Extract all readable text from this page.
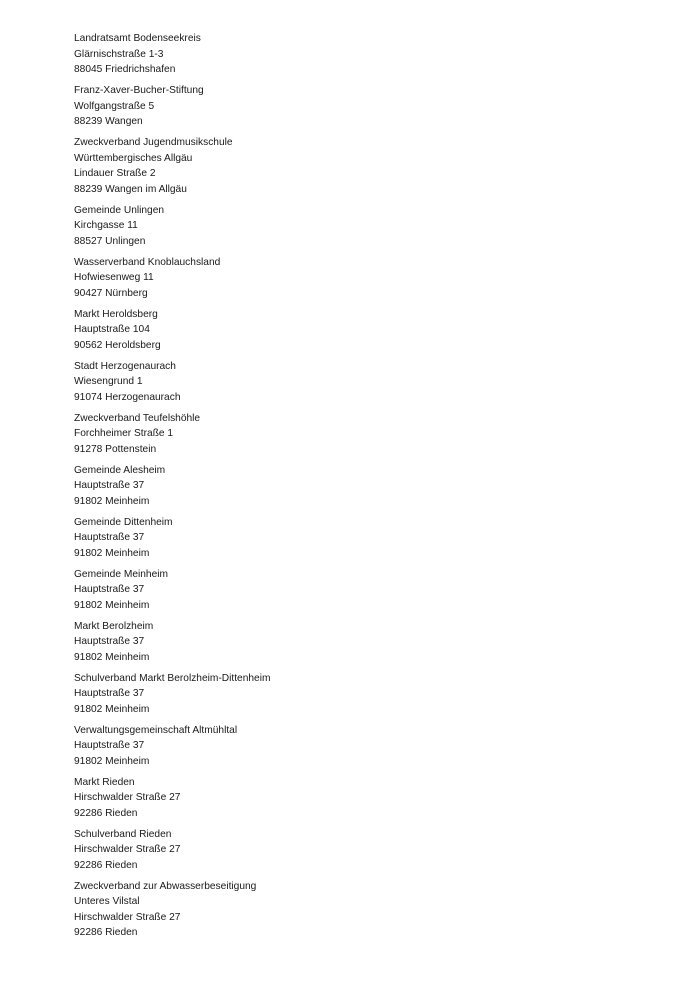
Landratsamt Bodenseekreis
Glärnischstraße 1-3
88045 Friedrichshafen
Franz-Xaver-Bucher-Stiftung
Wolfgangstraße 5
88239 Wangen
Zweckverband Jugendmusikschule
Württembergisches Allgäu
Lindauer Straße 2
88239 Wangen im Allgäu
Gemeinde Unlingen
Kirchgasse 11
88527 Unlingen
Wasserverband Knoblauchsland
Hofwiesenweg 11
90427 Nürnberg
Markt Heroldsberg
Hauptstraße 104
90562 Heroldsberg
Stadt Herzogenaurach
Wiesengrund 1
91074 Herzogenaurach
Zweckverband Teufelshöhle
Forchheimer Straße 1
91278 Pottenstein
Gemeinde Alesheim
Hauptstraße 37
91802 Meinheim
Gemeinde Dittenheim
Hauptstraße 37
91802 Meinheim
Gemeinde Meinheim
Hauptstraße 37
91802 Meinheim
Markt Berolzheim
Hauptstraße 37
91802 Meinheim
Schulverband Markt Berolzheim-Dittenheim
Hauptstraße 37
91802 Meinheim
Verwaltungsgemeinschaft Altmühltal
Hauptstraße 37
91802 Meinheim
Markt Rieden
Hirschwalder Straße 27
92286 Rieden
Schulverband Rieden
Hirschwalder Straße 27
92286 Rieden
Zweckverband zur Abwasserbeseitigung
Unteres Vilstal
Hirschwalder Straße 27
92286 Rieden
